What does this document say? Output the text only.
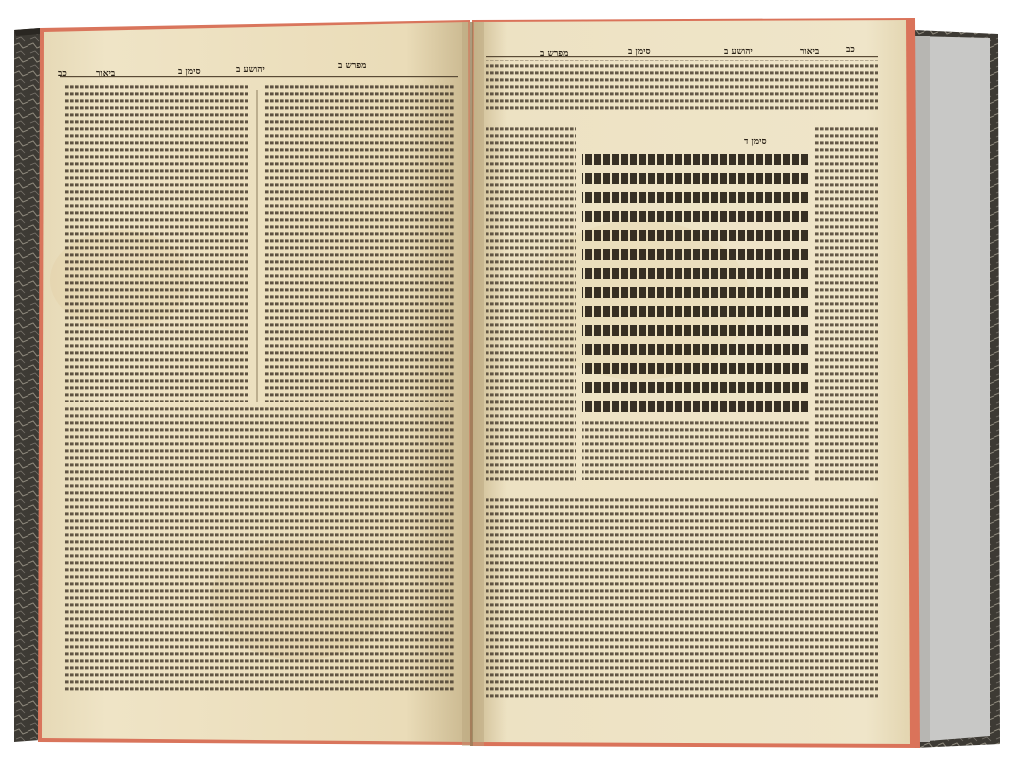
כב	ביאור	סימן ב	יהושע ב	מפרש ב
כב
מפרש ב	סימן ב	יהושע ב	ביאור
סימן ד
